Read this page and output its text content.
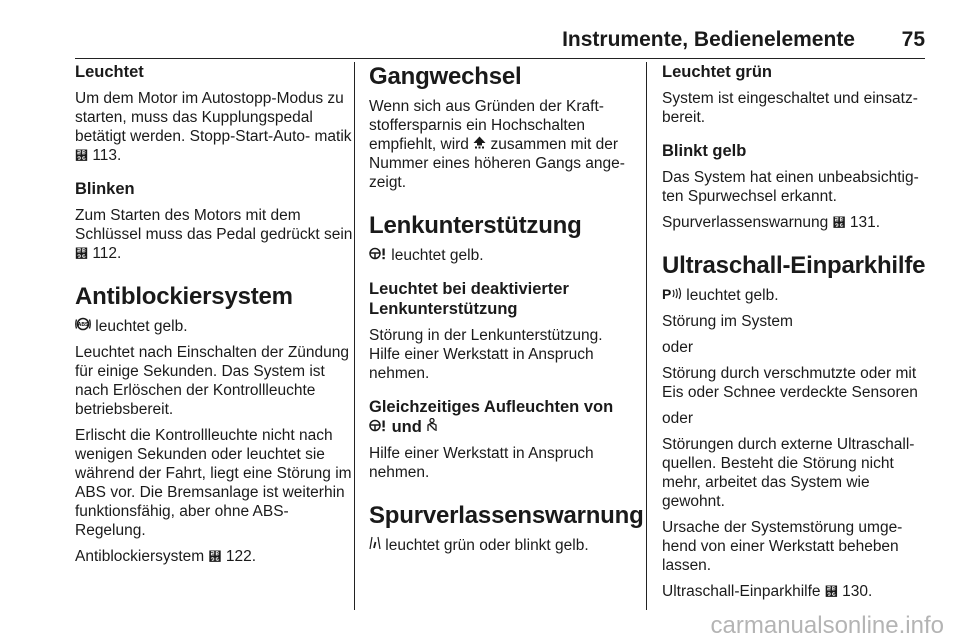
Instrumente, Bedienelemente 75
Leuchtet
Um dem Motor im Autostopp-Modus zu starten, muss das Kupplungspedal betätigt werden. Stopp-Start-Auto- matik ⮖ 113.
Blinken
Zum Starten des Motors mit dem Schlüssel muss das Pedal gedrückt sein ⮖ 112.
Antiblockiersystem
ABS leuchtet gelb.
Leuchtet nach Einschalten der Zündung für einige Sekunden. Das System ist nach Erlöschen der Kontrollleuchte betriebsbereit.
Erlischt die Kontrollleuchte nicht nach wenigen Sekunden oder leuchtet sie während der Fahrt, liegt eine Störung im ABS vor. Die Bremsanlage ist weiterhin funktionsfähig, aber ohne ABS-Regelung.
Antiblockiersystem ⮖ 122.
Gangwechsel
Wenn sich aus Gründen der Kraft- stoffersparnis ein Hochschalten empfiehlt, wird  zusammen mit der Nummer eines höheren Gangs ange- zeigt.
Lenkunterstützung
leuchtet gelb.
Leuchtet bei deaktivierter Lenkunterstützung
Störung in der Lenkunterstützung. Hilfe einer Werkstatt in Anspruch nehmen.
Gleichzeitiges Aufleuchten von  und
Hilfe einer Werkstatt in Anspruch nehmen.
Spurverlassenswarnung
leuchtet grün oder blinkt gelb.
Leuchtet grün
System ist eingeschaltet und einsatz- bereit.
Blinkt gelb
Das System hat einen unbeabsichtig- ten Spurwechsel erkannt.
Spurverlassenswarnung ⮖ 131.
Ultraschall-Einparkhilfe
P leuchtet gelb.
Störung im System
oder
Störung durch verschmutzte oder mit Eis oder Schnee verdeckte Sensoren
oder
Störungen durch externe Ultraschall- quellen. Besteht die Störung nicht mehr, arbeitet das System wie gewohnt.
Ursache der Systemstörung umge- hend von einer Werkstatt beheben lassen.
Ultraschall-Einparkhilfe ⮖ 130.
carmanualsonline.info
